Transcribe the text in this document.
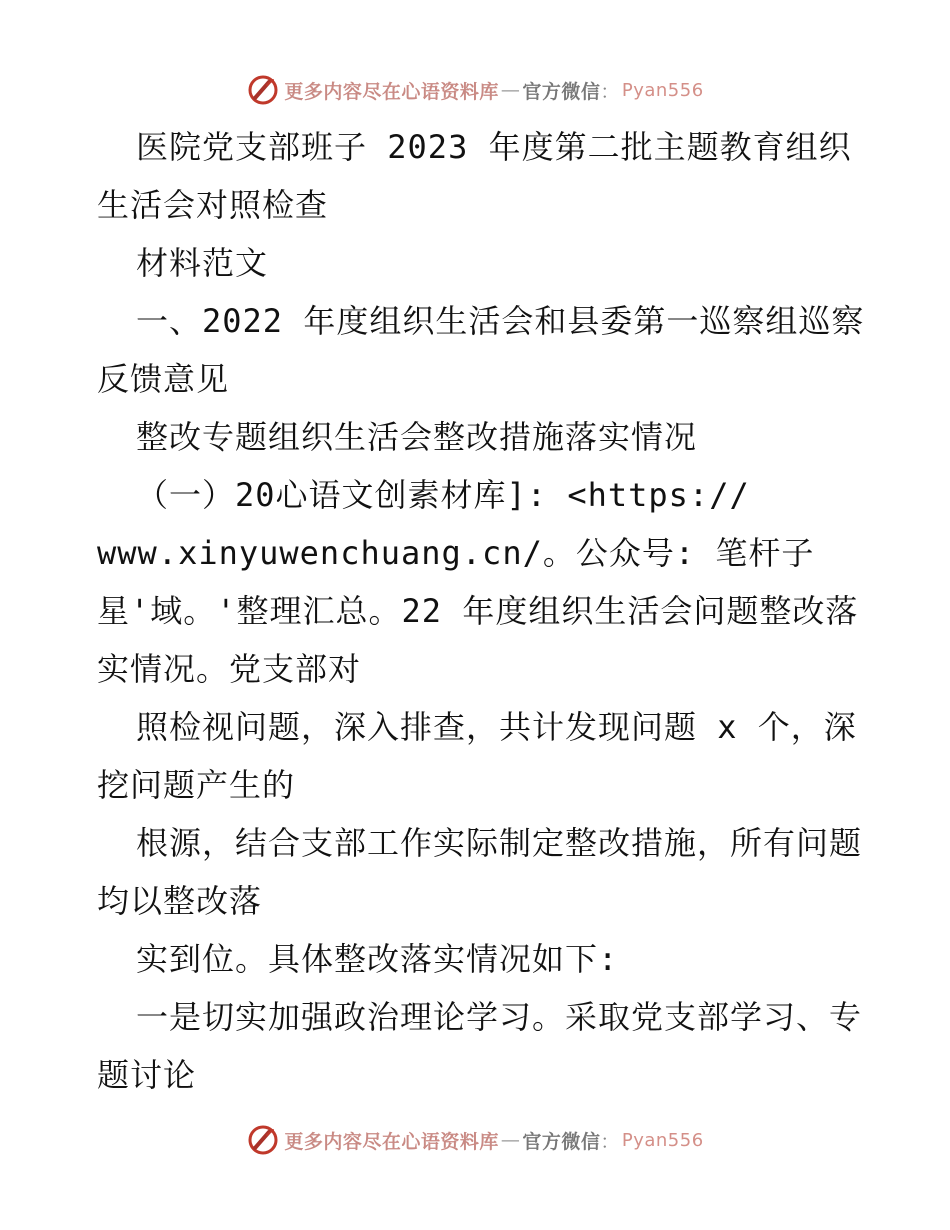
更多内容尽在心语资料库 — 官方微信 ： Pyan556

医院党支部班子 2023 年度第二批主题教育组织生活会对照检查

材料范文

一、2022 年度组织生活会和县委第一巡察组巡察反馈意见

整改专题组织生活会整改措施落实情况

（一）20心语文创素材库]: <https://

www.xinyuwenchuang.cn/。公众号: 笔杆子

星'域。'整理汇总。22 年度组织生活会问题整改落实情况。党支部对

照检视问题，深入排查，共计发现问题 x 个，深挖问题产生的

根源，结合支部工作实际制定整改措施，所有问题均以整改落

实到位。具体整改落实情况如下:

一是切实加强政治理论学习。采取党支部学习、专题讨论

更多内容尽在心语资料库 — 官方微信 ： Pyan556
